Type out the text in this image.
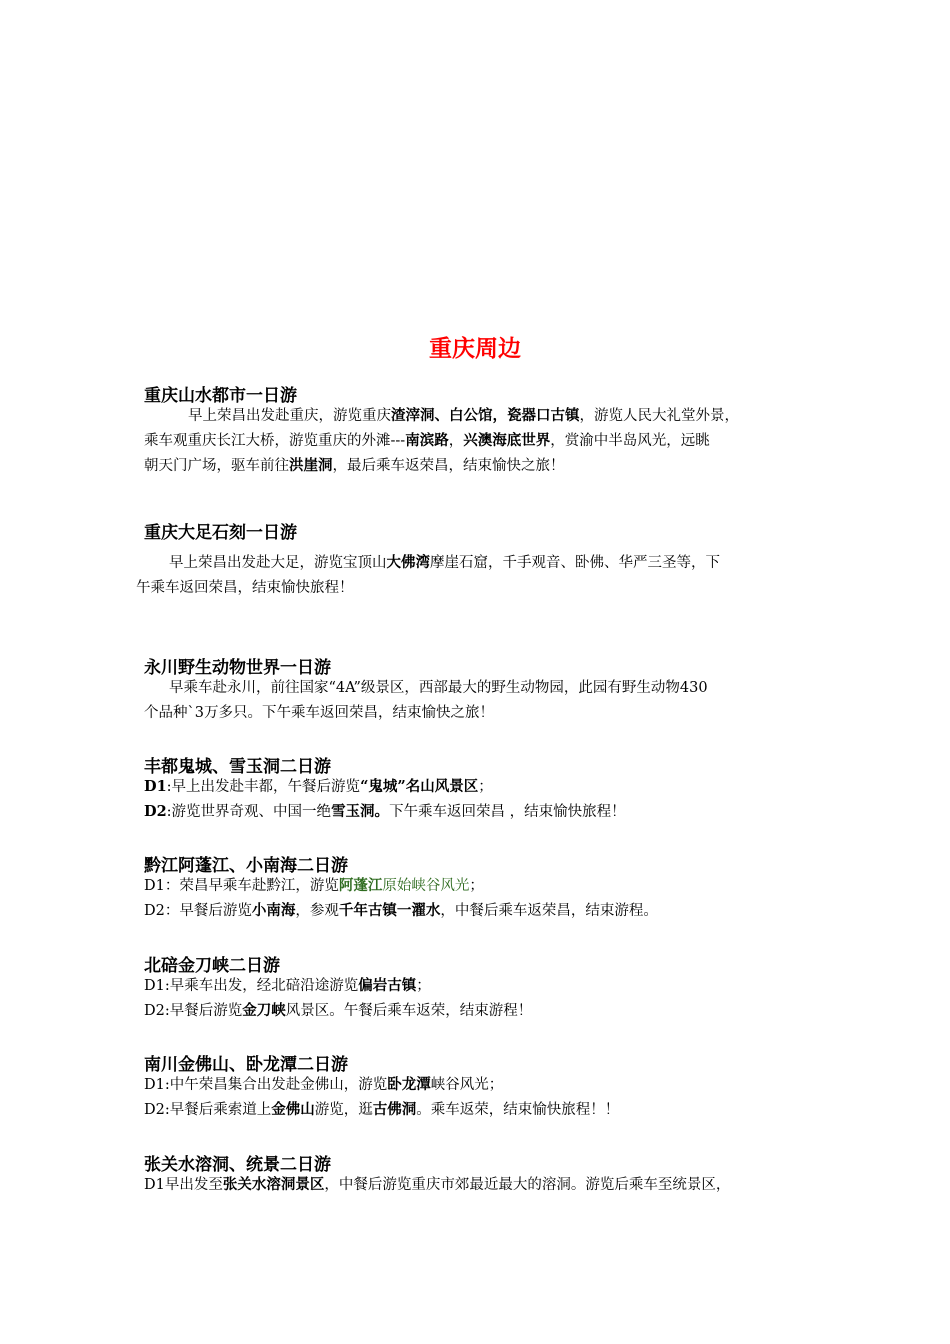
重庆周边
重庆山水都市一日游

早上荣昌出发赴重庆，游览重庆渣滓洞、白公馆，瓷器口古镇，游览人民大礼堂外景，

乘车观重庆长江大桥，游览重庆的外滩---南滨路，兴澳海底世界，赏渝中半岛风光，远眺

朝天门广场，驱车前往洪崖洞，最后乘车返荣昌，结束愉快之旅！

重庆大足石刻一日游

早上荣昌出发赴大足，游览宝顶山大佛湾摩崖石窟，千手观音、卧佛、华严三圣等，下

午乘车返回荣昌，结束愉快旅程！

永川野生动物世界一日游

早乘车赴永川，前往国家“4A”级景区，西部最大的野生动物园，此园有野生动物430

个品种`3万多只。下午乘车返回荣昌，结束愉快之旅！

丰都鬼城、雪玉洞二日游

D1:早上出发赴丰都，午餐后游览“鬼城”名山风景区；

D2:游览世界奇观、中国一绝雪玉洞。下午乘车返回荣昌 ，结束愉快旅程！

黔江阿蓬江、小南海二日游

D1：荣昌早乘车赴黔江，游览阿蓬江原始峡谷风光；

D2：早餐后游览小南海，参观千年古镇一濯水，中餐后乘车返荣昌，结束游程。

北碚金刀峡二日游

D1:早乘车出发，经北碚沿途游览偏岩古镇；

D2:早餐后游览金刀峡风景区。午餐后乘车返荣，结束游程！

南川金佛山、卧龙潭二日游

D1:中午荣昌集合出发赴金佛山，游览卧龙潭峡谷风光；

D2:早餐后乘索道上金佛山游览，逛古佛洞。乘车返荣，结束愉快旅程！！

张关水溶洞、统景二日游

D1早出发至张关水溶洞景区，中餐后游览重庆市郊最近最大的溶洞。游览后乘车至统景区，
